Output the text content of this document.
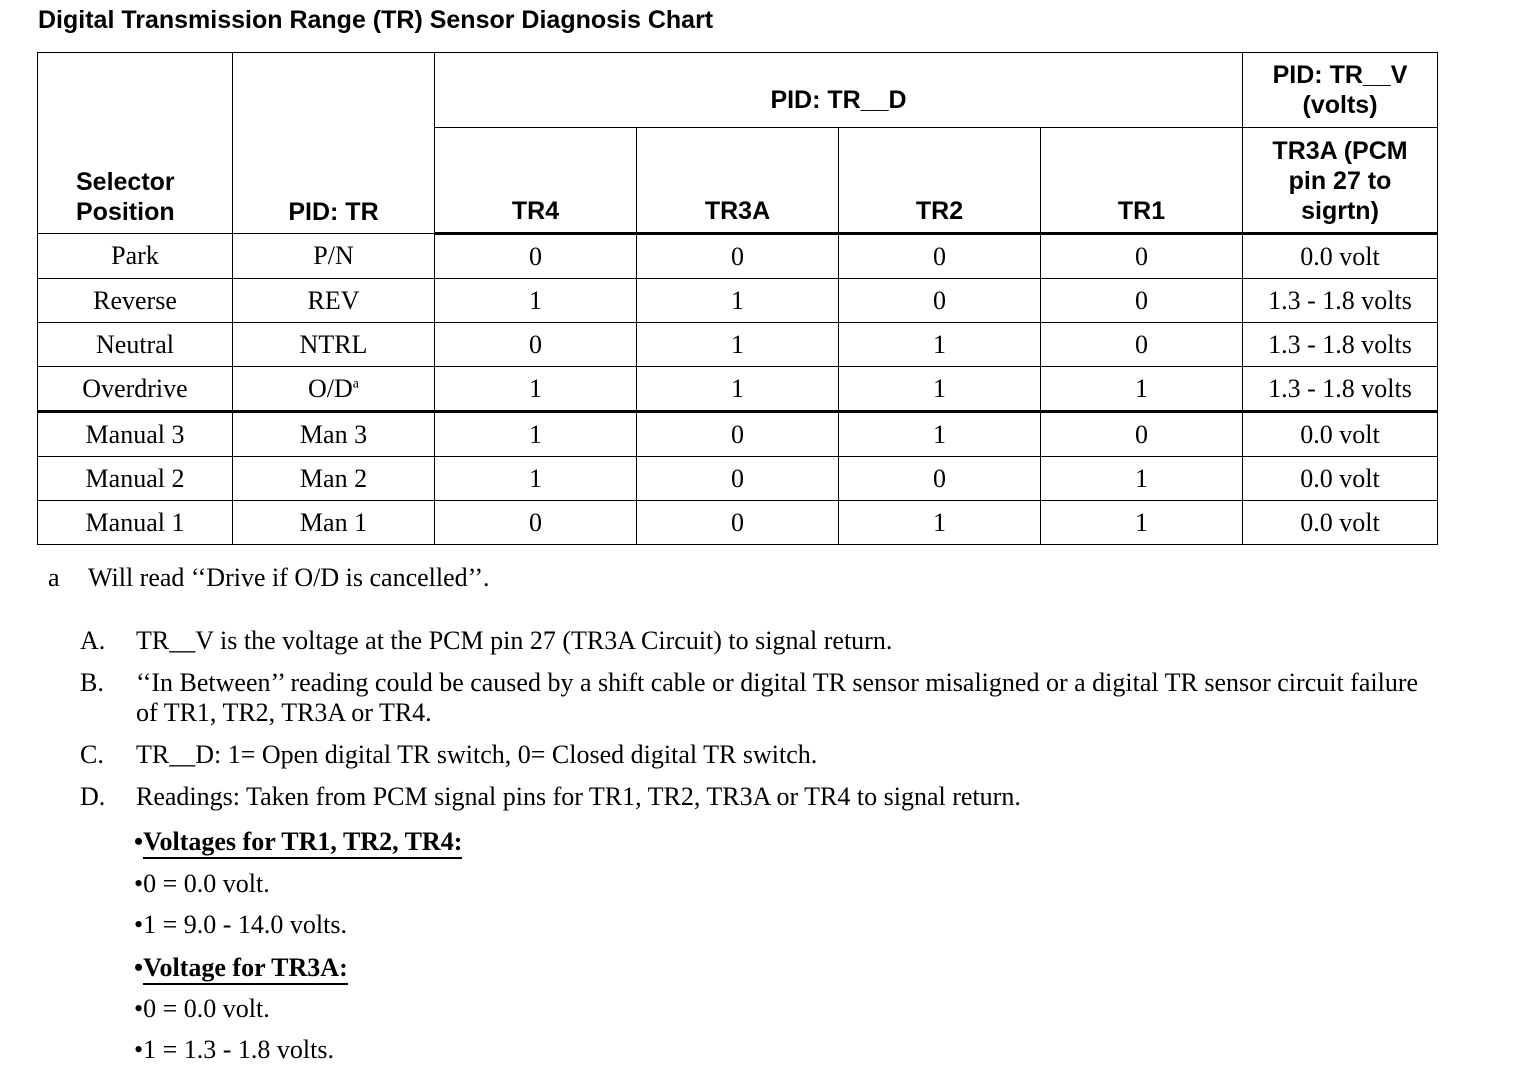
Digital Transmission Range (TR) Sensor Diagnosis Chart
Selector Position	PID: TR	PID: TR__D				PID: TR__V (volts)
		TR4	TR3A	TR2	TR1	TR3A (PCM pin 27 to sigrtn)
Park	P/N	0	0	0	0	0.0 volt
Reverse	REV	1	1	0	0	1.3 - 1.8 volts
Neutral	NTRL	0	1	1	0	1.3 - 1.8 volts
Overdrive	$O/D^a$	1	1	1	1	1.3 - 1.8 volts
Manual 3	Man 3	1	0	1	0	0.0 volt
Manual 2	Man 2	1	0	0	1	0.0 volt
Manual 1	Man 1	0	0	1	1	0.0 volt
a Will read ‘‘Drive if O/D is cancelled’’.
A.	TR__V is the voltage at the PCM pin 27 (TR3A Circuit) to signal return.
B.	‘‘In Between’’ reading could be caused by a shift cable or digital TR sensor misaligned or a digital TR sensor circuit failure of TR1, TR2, TR3A or TR4.
C.	TR__D: 1= Open digital TR switch, 0= Closed digital TR switch.
D.	Readings: Taken from PCM signal pins for TR1, TR2, TR3A or TR4 to signal return.
•Voltages for TR1, TR2, TR4:
•0 = 0.0 volt.
•1 = 9.0 - 14.0 volts.
•Voltage for TR3A:
•0 = 0.0 volt.
•1 = 1.3 - 1.8 volts.
